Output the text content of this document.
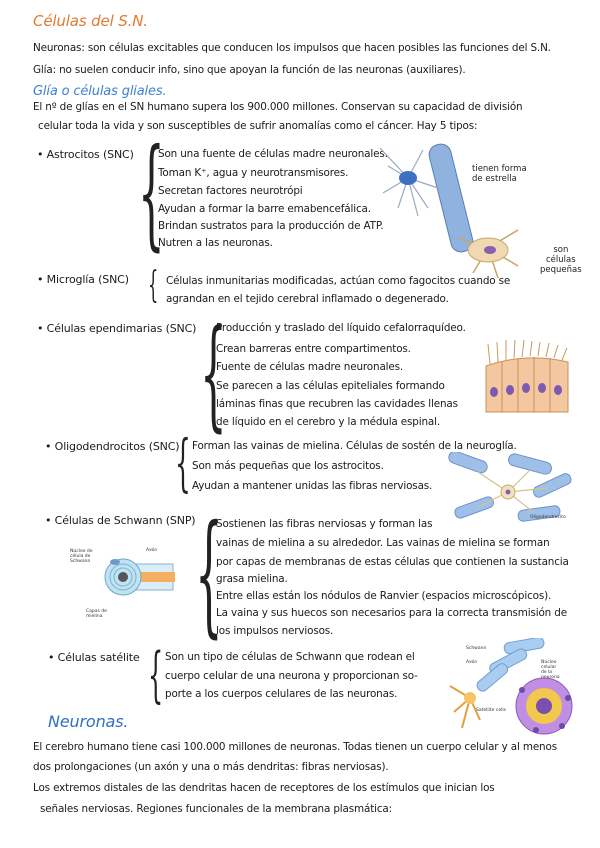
Células del S.N.
Neuronas: son células excitables que conducen los impulsos que hacen posibles las funciones del S.N.
Glía: no suelen conducir info, sino que apoyan la función de las neuronas (auxiliares).
Glía o células gliales.
El nº de glías en el SN humano supera los 900.000 millones. Conservan su capacidad de división
celular toda la vida y son susceptibles de sufrir anomalías como el cáncer. Hay 5 tipos:
• Astrocitos (SNC) {
Son una fuente de células madre neuronales.
Toman K⁺, agua y neurotransmisores.
Secretan factores neurotrópi
Ayudan a formar la barre emabencefálica.
Brindan sustratos para la producción de ATP.
Nutren a las neuronas.
tienen forma
de estrella
son
células
pequeñas
• Microglía (SNC) { Células inmunitarias modificadas, actúan como fagocitos cuando se
agrandan en el tejido cerebral inflamado o degenerado.
• Células ependimarias (SNC) {
Producción y traslado del líquido cefalorraquídeo.
Crean barreras entre compartimentos.
Fuente de células madre neuronales.
Se parecen a las células epiteliales formando
láminas finas que recubren las cavidades llenas
de líquido en el cerebro y la médula espinal.
• Oligodendrocitos (SNC)
{ Forman las vainas de mielina. Células de sostén de la neuroglía.
Son más pequeñas que los astrocitos.
Ayudan a mantener unidas las fibras nerviosas.
Oligodendrocito
• Células de Schwann (SNP) {
Sostienen las fibras nerviosas y forman las
vainas de mielina a su alrededor. Las vainas de mielina se forman
por capas de membranas de estas células que contienen la sustancia
grasa mielina.
Entre ellas están los nódulos de Ranvier (espacios microscópicos).
La vaina y sus huecos son necesarios para la correcta transmisión de
los impulsos nerviosos.
Núcleo de
célula de
Schwann
Axón
Capas de
mielina
• Células satélite { Son un tipo de células de Schwann que rodean el
cuerpo celular de una neurona y proporcionan so-
porte a los cuerpos celulares de las neuronas.
Schwann
Axón	Núcleo
celular
de la
neurona
Satellite cells
Neuronas.
El cerebro humano tiene casi 100.000 millones de neuronas. Todas tienen un cuerpo celular y al menos
dos prolongaciones (un axón y una o más dendritas: fibras nerviosas).
Los extremos distales de las dendritas hacen de receptores de los estímulos que inician los
señales nerviosas. Regiones funcionales de la membrana plasmática:
